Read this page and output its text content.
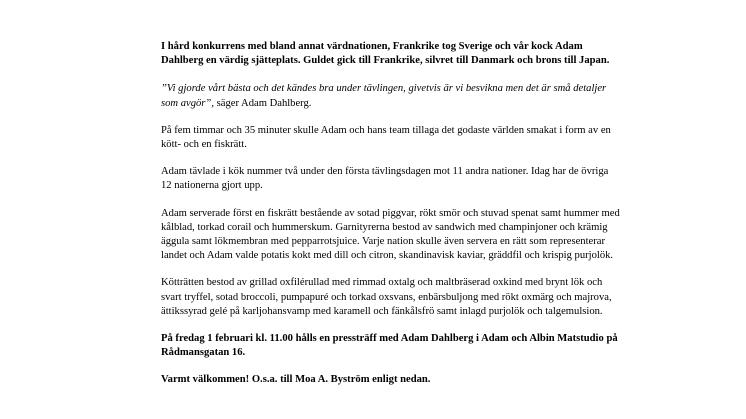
I hård konkurrens med bland annat värdnationen, Frankrike tog Sverige och vår kock Adam Dahlberg en värdig sjätteplats. Guldet gick till Frankrike, silvret till Danmark och brons till Japan.

”Vi gjorde vårt bästa och det kändes bra under tävlingen, givetvis är vi besvikna men det är små detaljer som avgör”, säger Adam Dahlberg.

På fem timmar och 35 minuter skulle Adam och hans team tillaga det godaste världen smakat i form av en kött- och en fiskrätt.

Adam tävlade i kök nummer två under den första tävlingsdagen mot 11 andra nationer. Idag har de övriga 12 nationerna gjort upp.

Adam serverade först en fiskrätt bestående av sotad piggvar, rökt smör och stuvad spenat samt hummer med kålblad, torkad corail och hummerskum. Garnityrerna bestod av sandwich med champinjoner och krämig äggula samt lökmembran med pepparrotsjuice. Varje nation skulle även servera en rätt som representerar landet och Adam valde potatis kokt med dill och citron, skandinavisk kaviar, gräddfil och krispig purjolök.

Kötträtten bestod av grillad oxfilérullad med rimmad oxtalg och maltbräserad oxkind med brynt lök och svart tryffel, sotad broccoli, pumpapuré och torkad oxsvans, enbärsbuljong med rökt oxmärg och majrova, ättikssyrad gelé på karljohansvamp med karamell och fänkålsfrö samt inlagd purjolök och talgemulsion.

På fredag 1 februari kl. 11.00 hålls en pressträff med Adam Dahlberg i Adam och Albin Matstudio på Rådmansgatan 16.

Varmt välkommen! O.s.a. till Moa A. Byström enligt nedan.
